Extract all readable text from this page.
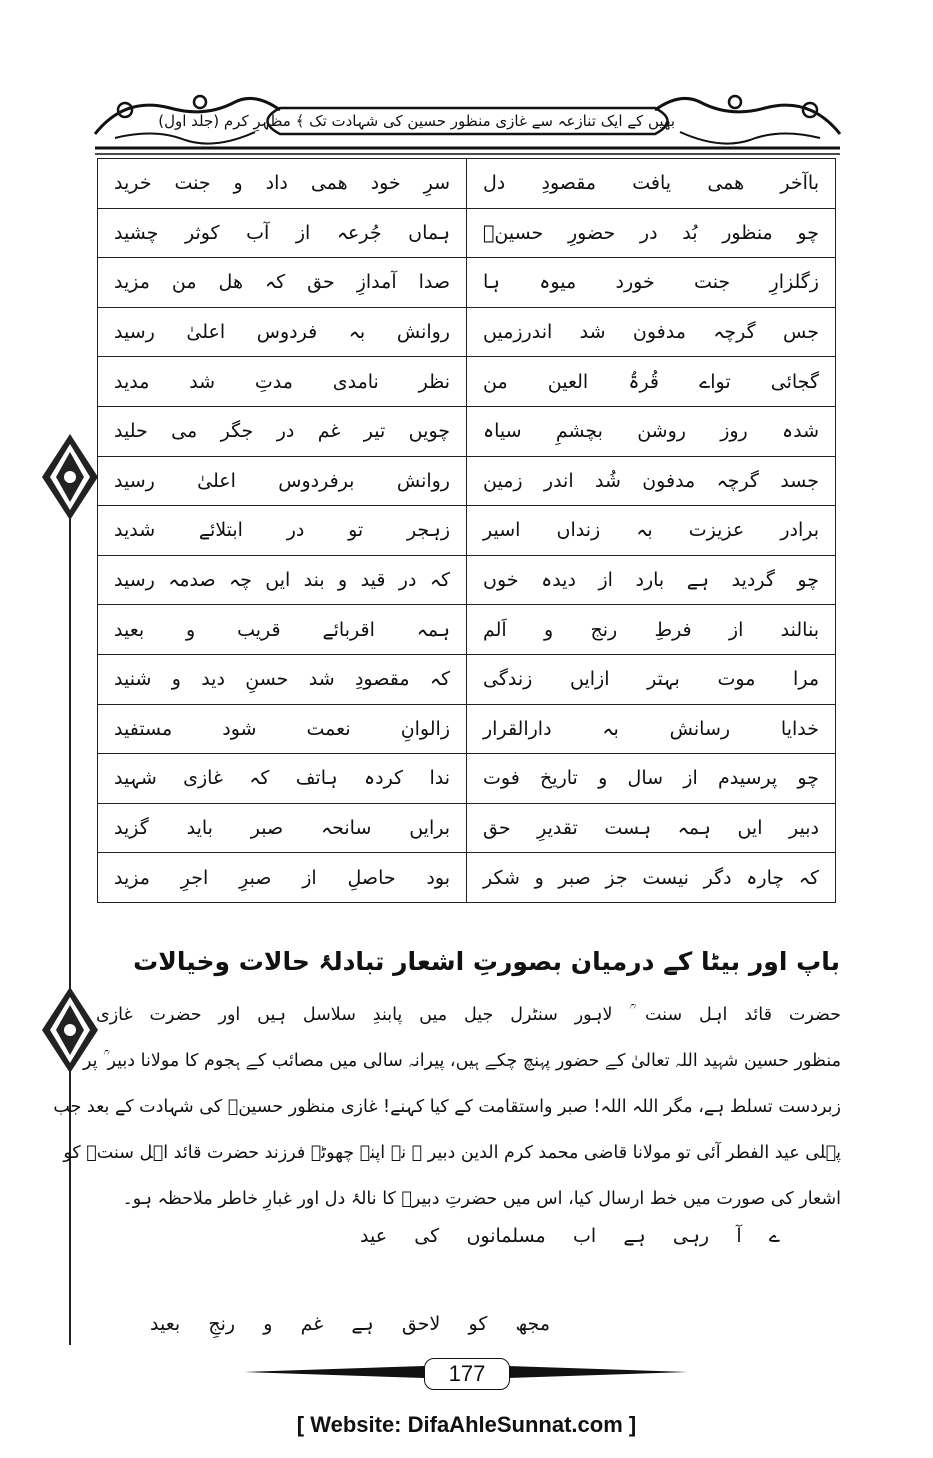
بھیں کے ایک تنازعہ سے غازی منظور حسین کی شہادت تک ﴾ مظہرِ کرم (جلد اول)
باآخر ھمی یافت مقصودِ دل	سرِ خود ھمی داد و جنت خرید
چو منظور بُد در حضورِ حسینؓ	ہماں جُرعہ از آب کوثر چشید
زگلزارِ جنت خورد میوہ ہا	صدا آمدازِ حق کہ ھل من مزید
جس گرچہ مدفون شد اندرزمیں	روانش بہ فردوس اعلیٰ رسید
گجائی تواے قُرۃُ العین من	نظر نامدی مدتِ شد مدید
شدہ روز روشن بچشمِ سیاہ	چویں تیر غم در جگر می حلید
جسد گرچہ مدفون شُد اندر زمین	روانش برفردوس اعلیٰ رسید
برادر عزیزت بہ زنداں اسیر	زہجر تو در ابتلائے شدید
چو گردید ہے بارد از دیدہ خوں	کہ در قید و بند ایں چہ صدمہ رسید
بنالند از فرطِ رنج و اَلم	ہمہ اقربائے قریب و بعید
مرا موت بہتر ازایں زندگی	کہ مقصودِ شد حسنِ دید و شنید
خدایا رسانش بہ دارالقرار	زالوانِ نعمت شود مستفید
چو پرسیدم از سال و تاریخ فوت	ندا کردہ ہاتف کہ غازی شہید
دبیر ایں ہمہ ہست تقدیرِ حق	برایں سانحہ صبر باید گزید
کہ چارہ دگر نیست جز صبر و شکر	بود حاصلِ از صبرِ اجرِ مزید
باپ اور بیٹا کے درمیان بصورتِ اشعار تبادلۂ حالات وخیالات

حضرت قائد اہل سنت ؒ لاہور سنٹرل جیل میں پابندِ سلاسل ہیں اور حضرت غازی

منظور حسین شہید اللہ تعالیٰ کے حضور پہنچ چکے ہیں، پیرانہ سالی میں مصائب کے ہجوم کا مولانا دبیر ؒ پر

زبردست تسلط ہے، مگر اللہ اللہ! صبر واستقامت کے کیا کہنے! غازی منظور حسینؒ کی شہادت کے بعد جب

پہلی عید الفطر آئی تو مولانا قاضی محمد کرم الدین دبیر ؒ نے اپنے چھوٹے فرزند حضرت قائد اہل سنتؒ کو

اشعار کی صورت میں خط ارسال کیا، اس میں حضرتِ دبیرؒ کا نالۂ دل اور غبارِ خاطر ملاحظہ ہو۔

ے آ رہی ہے اب مسلمانوں کی عید
مجھ کو لاحق ہے غم و رنجِ بعید
177
[ Website: DifaAhleSunnat.com ]
